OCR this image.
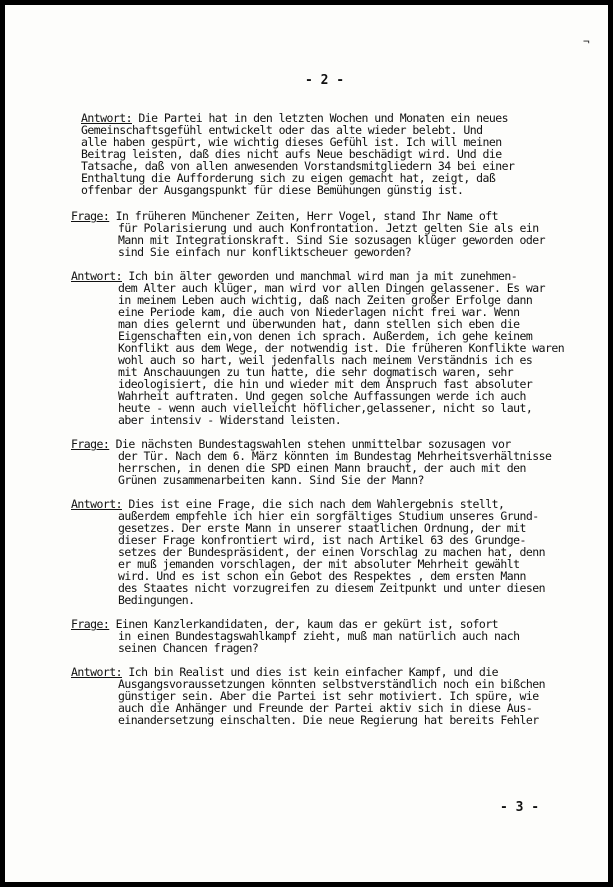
¬
- 2 -
Antwort: Die Partei hat in den letzten Wochen und Monaten ein neues
Gemeinschaftsgefühl entwickelt oder das alte wieder belebt. Und
alle haben gespürt, wie wichtig dieses Gefühl ist. Ich will meinen
Beitrag leisten, daß dies nicht aufs Neue beschädigt wird. Und die
Tatsache, daß von allen anwesenden Vorstandsmitgliedern 34 bei einer
Enthaltung die Aufforderung sich zu eigen gemacht hat, zeigt, daß
offenbar der Ausgangspunkt für diese Bemühungen günstig ist.
Frage: In früheren Münchener Zeiten, Herr Vogel, stand Ihr Name oft
für Polarisierung und auch Konfrontation. Jetzt gelten Sie als ein
Mann mit Integrationskraft. Sind Sie sozusagen klüger geworden oder
sind Sie einfach nur konfliktscheuer geworden?
Antwort: Ich bin älter geworden und manchmal wird man ja mit zunehmen-
dem Alter auch klüger, man wird vor allen Dingen gelassener. Es war
in meinem Leben auch wichtig, daß nach Zeiten großer Erfolge dann
eine Periode kam, die auch von Niederlagen nicht frei war. Wenn
man dies gelernt und überwunden hat, dann stellen sich eben die
Eigenschaften ein,von denen ich sprach. Außerdem, ich gehe keinem
Konflikt aus dem Wege, der notwendig ist. Die früheren Konflikte waren
wohl auch so hart, weil jedenfalls nach meinem Verständnis ich es
mit Anschauungen zu tun hatte, die sehr dogmatisch waren, sehr
ideologisiert, die hin und wieder mit dem Anspruch fast absoluter
Wahrheit auftraten. Und gegen solche Auffassungen werde ich auch
heute - wenn auch vielleicht höflicher,gelassener, nicht so laut,
aber intensiv - Widerstand leisten.
Frage: Die nächsten Bundestagswahlen stehen unmittelbar sozusagen vor
der Tür. Nach dem 6. März könnten im Bundestag Mehrheitsverhältnisse
herrschen, in denen die SPD einen Mann braucht, der auch mit den
Grünen zusammenarbeiten kann. Sind Sie der Mann?
Antwort: Dies ist eine Frage, die sich nach dem Wahlergebnis stellt,
außerdem empfehle ich hier ein sorgfältiges Studium unseres Grund-
gesetzes. Der erste Mann in unserer staatlichen Ordnung, der mit
dieser Frage konfrontiert wird, ist nach Artikel 63 des Grundge-
setzes der Bundespräsident, der einen Vorschlag zu machen hat, denn
er muß jemanden vorschlagen, der mit absoluter Mehrheit gewählt
wird. Und es ist schon ein Gebot des Respektes , dem ersten Mann
des Staates nicht vorzugreifen zu diesem Zeitpunkt und unter diesen
Bedingungen.
Frage: Einen Kanzlerkandidaten, der, kaum das er gekürt ist, sofort
in einen Bundestagswahlkampf zieht, muß man natürlich auch nach
seinen Chancen fragen?
Antwort: Ich bin Realist und dies ist kein einfacher Kampf, und die
Ausgangsvoraussetzungen könnten selbstverständlich noch ein bißchen
günstiger sein. Aber die Partei ist sehr motiviert. Ich spüre, wie
auch die Anhänger und Freunde der Partei aktiv sich in diese Aus-
einandersetzung einschalten. Die neue Regierung hat bereits Fehler
- 3 -
